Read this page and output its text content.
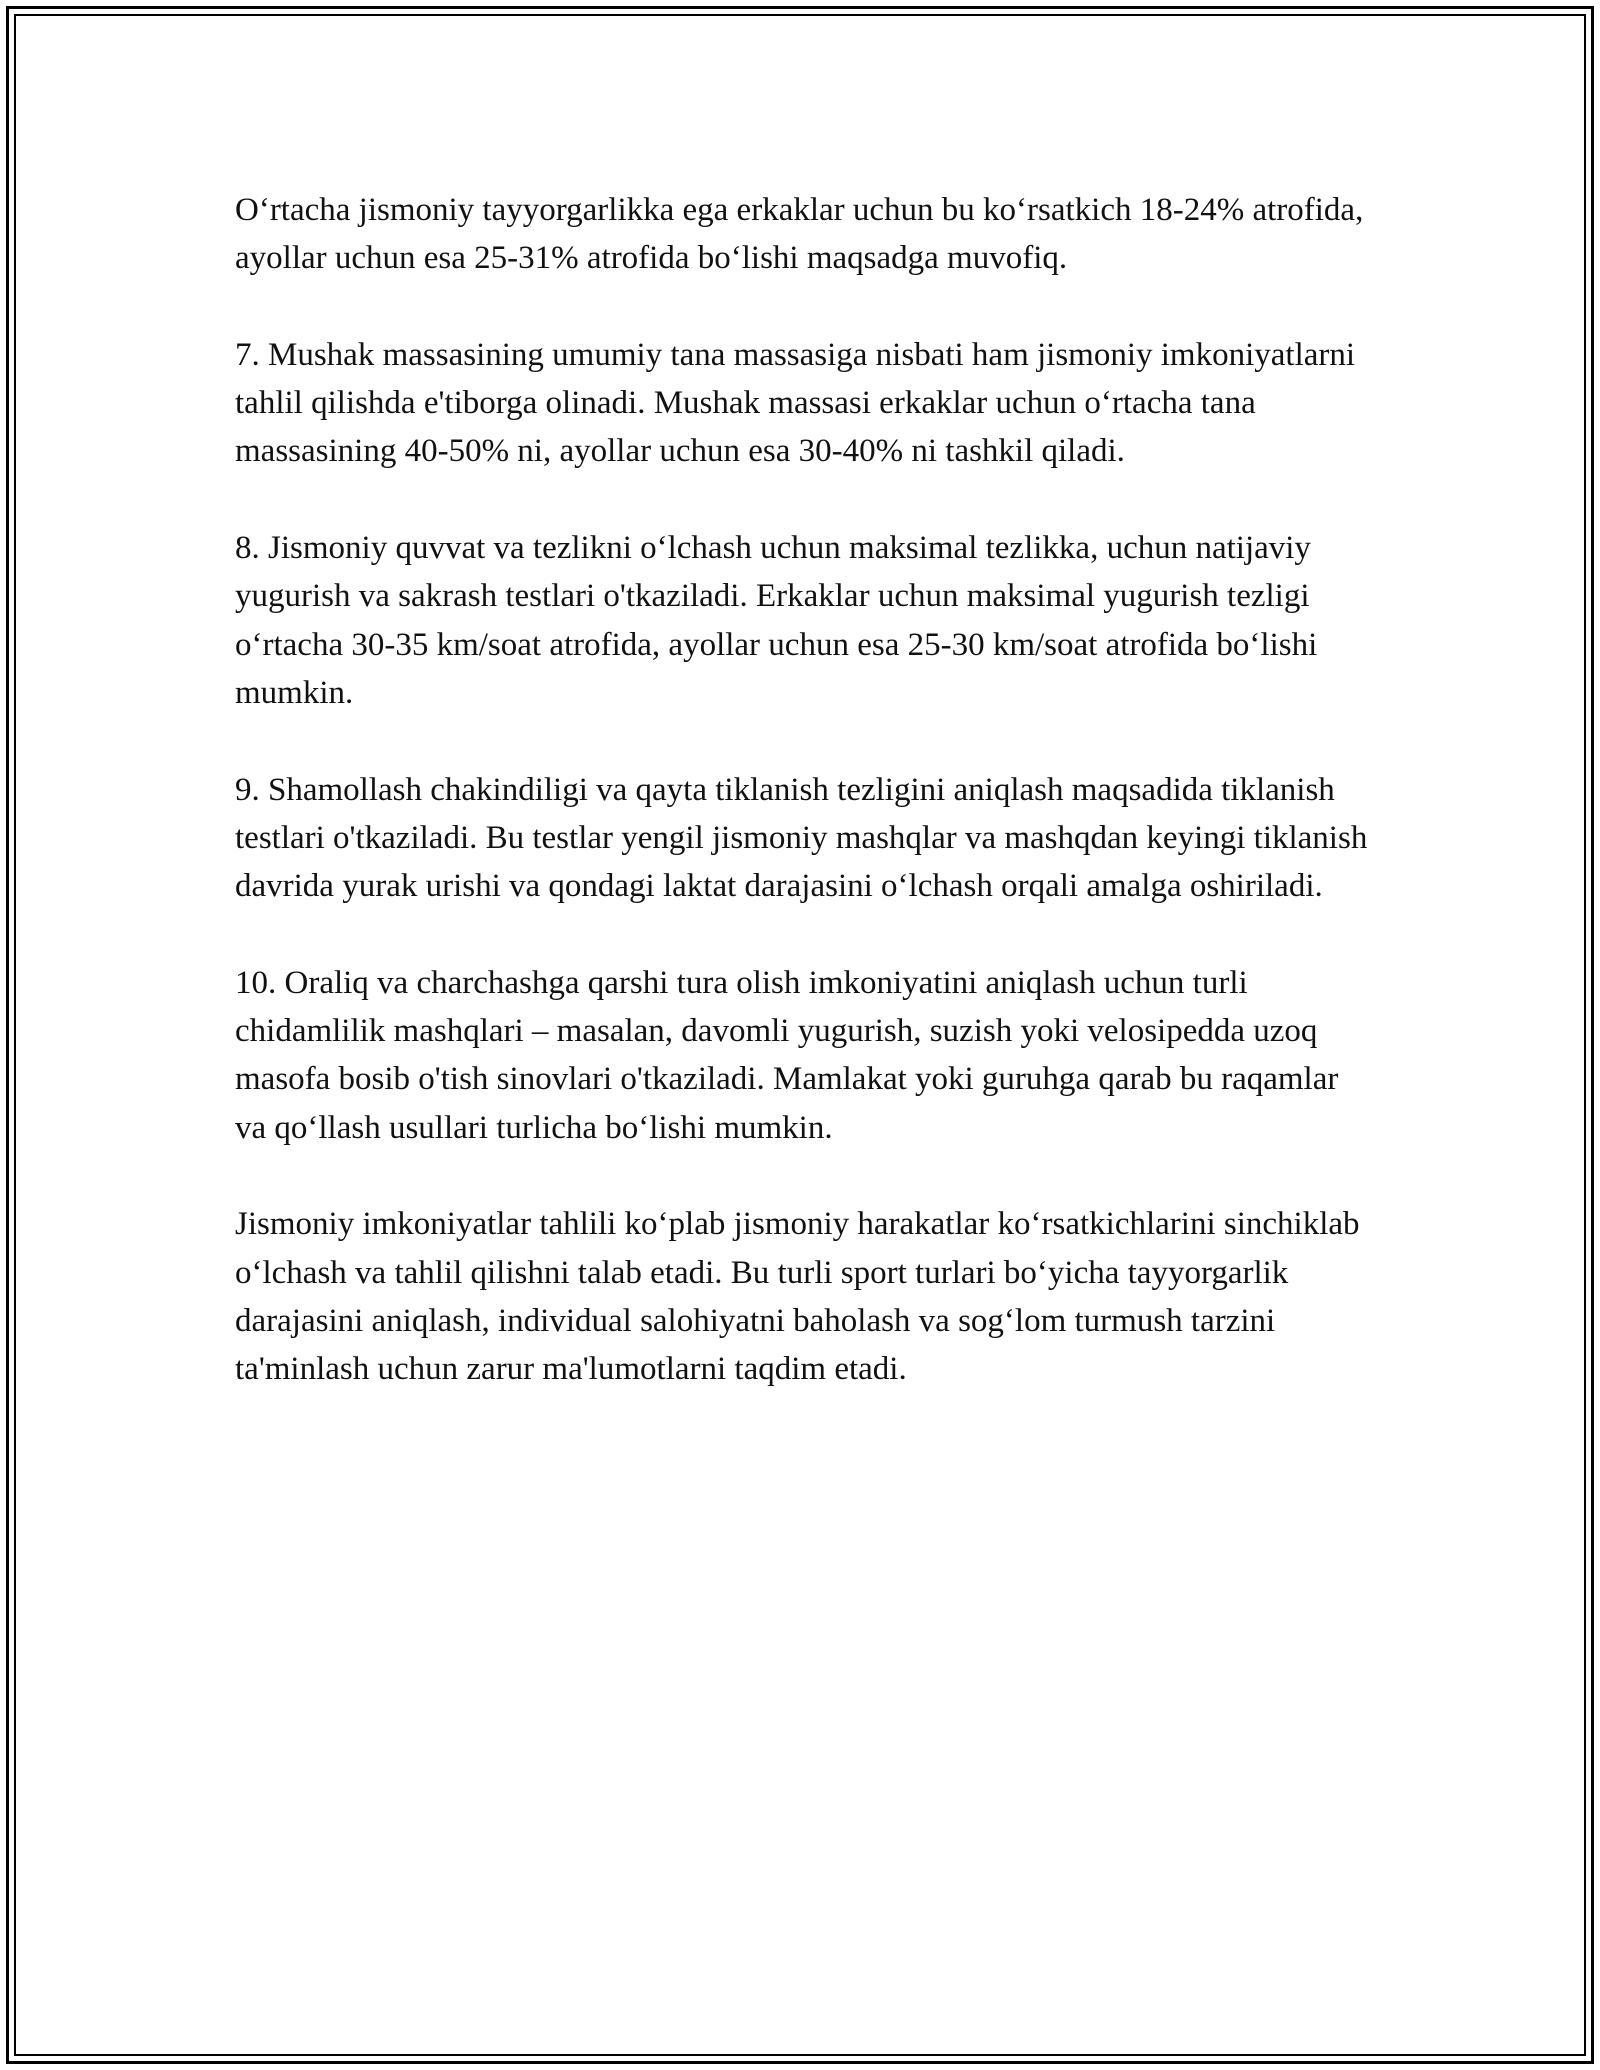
O‘rtacha jismoniy tayyorgarlikka ega erkaklar uchun bu ko‘rsatkich 18-24% atrofida, ayollar uchun esa 25-31% atrofida bo‘lishi maqsadga muvofiq.

7. Mushak massasining umumiy tana massasiga nisbati ham jismoniy imkoniyatlarni tahlil qilishda e'tiborga olinadi. Mushak massasi erkaklar uchun o‘rtacha tana massasining 40-50% ni, ayollar uchun esa 30-40% ni tashkil qiladi.

8. Jismoniy quvvat va tezlikni o‘lchash uchun maksimal tezlikka, uchun natijaviy yugurish va sakrash testlari o'tkaziladi. Erkaklar uchun maksimal yugurish tezligi o‘rtacha 30-35 km/soat atrofida, ayollar uchun esa 25-30 km/soat atrofida bo‘lishi mumkin.

9. Shamollash chakindiligi va qayta tiklanish tezligini aniqlash maqsadida tiklanish testlari o'tkaziladi. Bu testlar yengil jismoniy mashqlar va mashqdan keyingi tiklanish davrida yurak urishi va qondagi laktat darajasini o‘lchash orqali amalga oshiriladi.

10. Oraliq va charchashga qarshi tura olish imkoniyatini aniqlash uchun turli chidamlilik mashqlari – masalan, davomli yugurish, suzish yoki velosipedda uzoq masofa bosib o'tish sinovlari o'tkaziladi. Mamlakat yoki guruhga qarab bu raqamlar va qo‘llash usullari turlicha bo‘lishi mumkin.

Jismoniy imkoniyatlar tahlili ko‘plab jismoniy harakatlar ko‘rsatkichlarini sinchiklab o‘lchash va tahlil qilishni talab etadi. Bu turli sport turlari bo‘yicha tayyorgarlik darajasini aniqlash, individual salohiyatni baholash va sog‘lom turmush tarzini ta'minlash uchun zarur ma'lumotlarni taqdim etadi.
